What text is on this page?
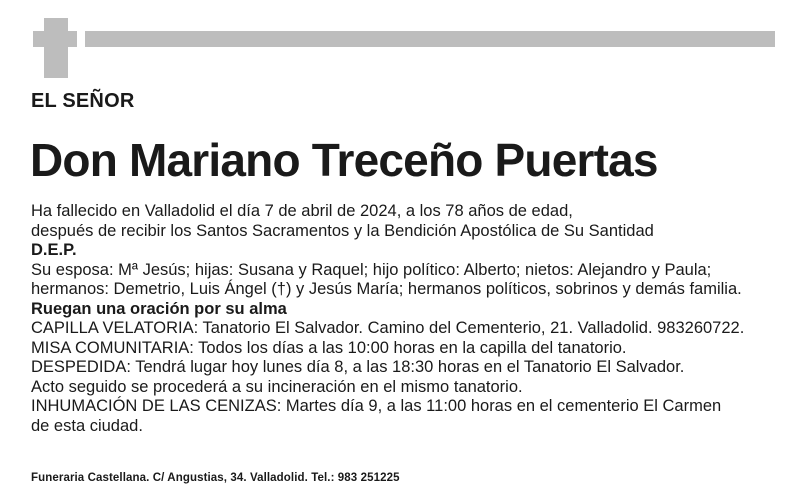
EL SEÑOR
Don Mariano Treceño Puertas
Ha fallecido en Valladolid el día 7 de abril de 2024, a los 78 años de edad,
después de recibir los Santos Sacramentos y la Bendición Apostólica de Su Santidad
D.E.P.
Su esposa: Mª Jesús; hijas: Susana y Raquel; hijo político: Alberto; nietos: Alejandro y Paula; hermanos: Demetrio, Luis Ángel (†) y Jesús María; hermanos políticos, sobrinos y demás familia.
Ruegan una oración por su alma
CAPILLA VELATORIA: Tanatorio El Salvador. Camino del Cementerio, 21. Valladolid. 983260722.
MISA COMUNITARIA: Todos los días a las 10:00 horas en la capilla del tanatorio.
DESPEDIDA: Tendrá lugar hoy lunes día 8, a las 18:30 horas en el Tanatorio El Salvador.
Acto seguido se procederá a su incineración en el mismo tanatorio.
INHUMACIÓN DE LAS CENIZAS: Martes día 9, a las 11:00 horas en el cementerio El Carmen
de esta ciudad.
Funeraria Castellana. C/ Angustias, 34. Valladolid. Tel.: 983 251225
